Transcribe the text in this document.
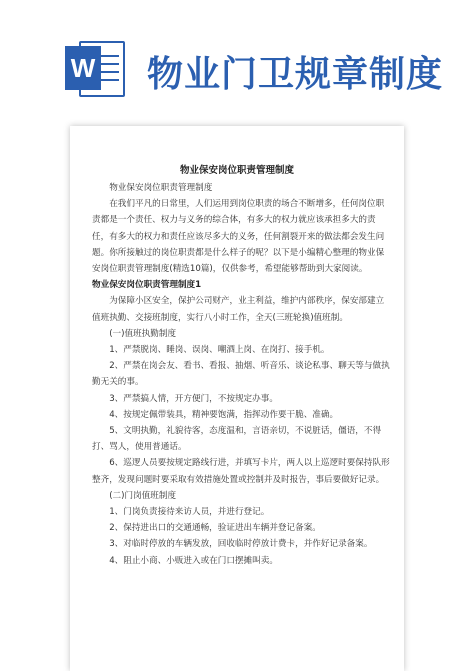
W 物业门卫规章制度
物业保安岗位职责管理制度

物业保安岗位职责管理制度

在我们平凡的日常里，人们运用到岗位职责的场合不断增多，任何岗位职责都是一个责任、权力与义务的综合体，有多大的权力就应该承担多大的责任，有多大的权力和责任应该尽多大的义务，任何割裂开来的做法都会发生问题。你所接触过的岗位职责都是什么样子的呢？以下是小编精心整理的物业保安岗位职责管理制度(精选10篇)，仅供参考，希望能够帮助到大家阅读。

物业保安岗位职责管理制度1

为保障小区安全，保护公司财产，业主利益，维护内部秩序，保安部建立值班执勤、交接班制度，实行八小时工作，全天(三班轮换)值班制。

(一)值班执勤制度

1、严禁脱岗、睡岗、误岗、嘲酒上岗、在岗打、接手机。

2、严禁在岗会友、看书、看报、抽烟、听音乐、谈论私事、聊天等与做执勤无关的事。

3、严禁搞人情，开方便门，不按规定办事。

4、按规定佩带装具，精神要饱满，指挥动作要干脆、准确。

5、文明执勤，礼貌待客，态度温和，言语亲切，不说脏话，僵语，不得打、骂人，使用普通话。

6、巡逻人员要按规定路线行进，并填写卡片，两人以上巡逻时要保持队形整齐，发现问题时要采取有效措施处置或控制并及时报告，事后要做好记录。

(二)门岗值班制度

1、门岗负责接待来访人员，并进行登记。

2、保持进出口的交通通畅，验证进出车辆并登记备案。

3、对临时停放的车辆发放，回收临时停放计费卡，并作好记录备案。

4、阻止小商、小贩进入或在门口摆摊叫卖。
